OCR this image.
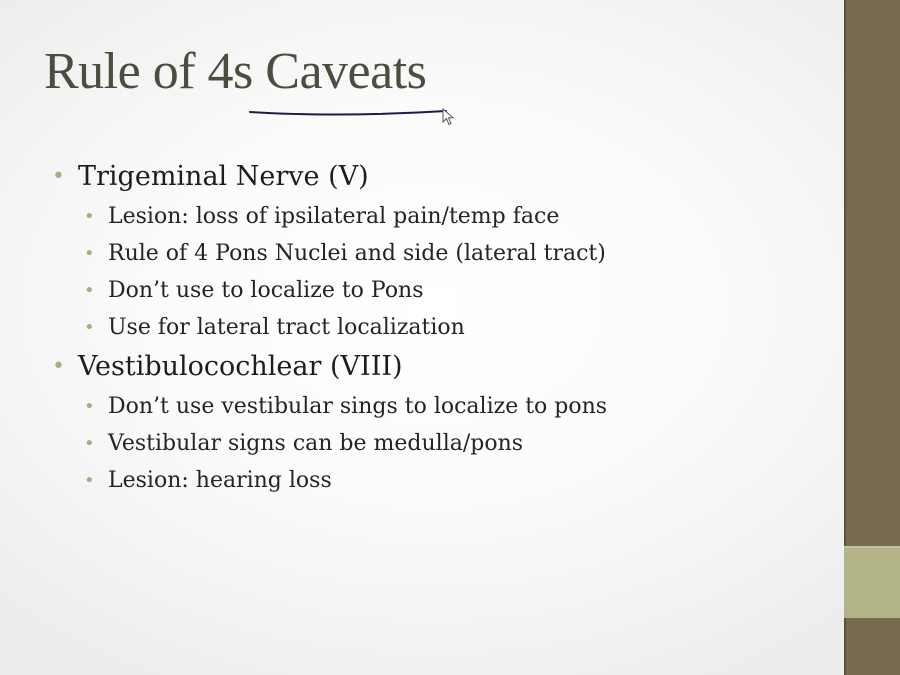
Rule of 4s Caveats
• Trigeminal Nerve (V)
• Lesion: loss of ipsilateral pain/temp face
• Rule of 4 Pons Nuclei and side (lateral tract)
• Don’t use to localize to Pons
• Use for lateral tract localization
• Vestibulocochlear (VIII)
• Don’t use vestibular sings to localize to pons
• Vestibular signs can be medulla/pons
• Lesion: hearing loss
